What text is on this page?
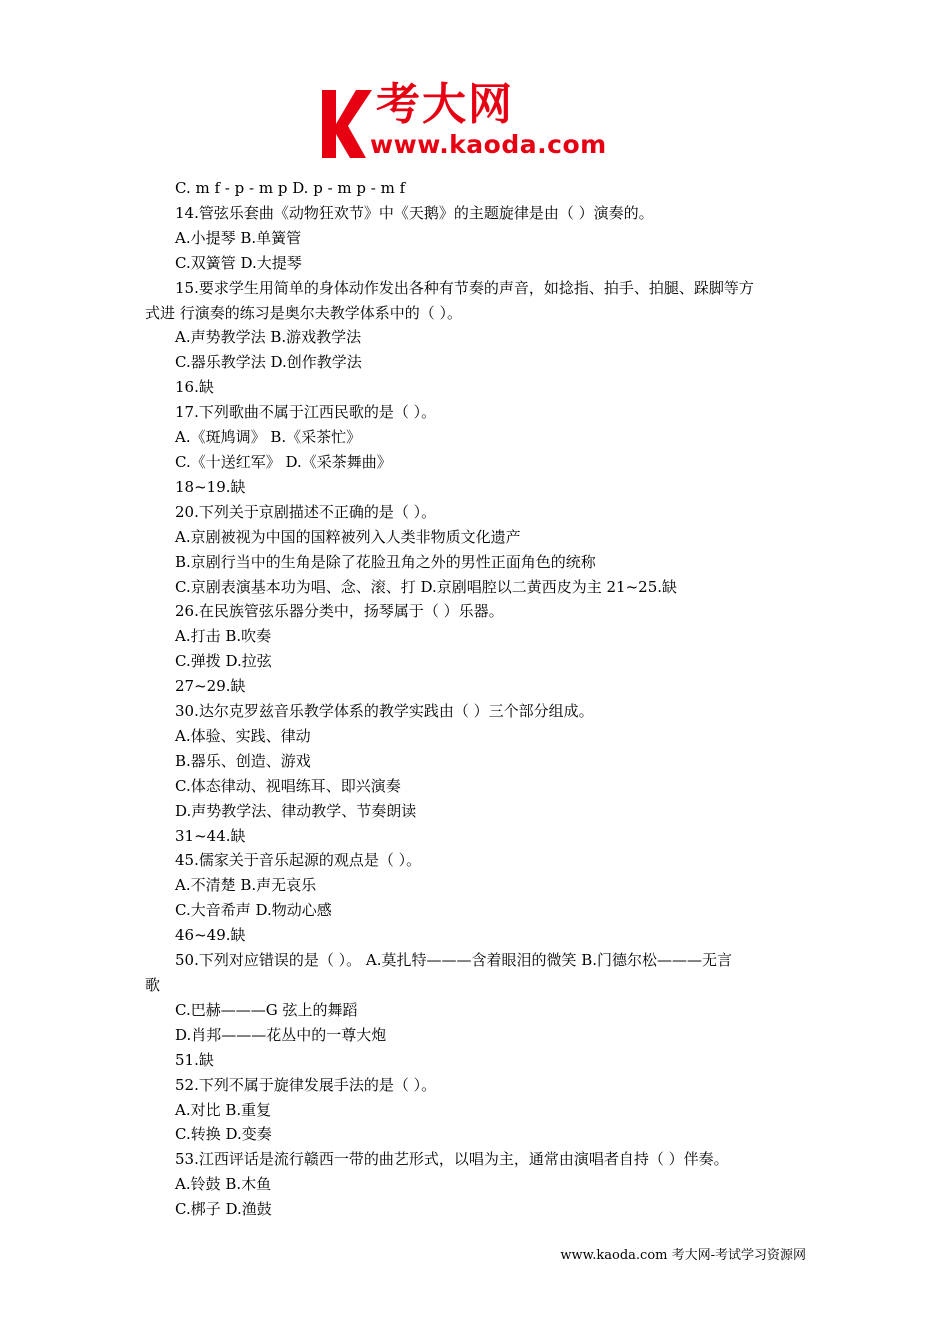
考大网
www.kaoda.com
C. m f - p - m p D. p - m p - m f
14.管弦乐套曲《动物狂欢节》中《天鹅》的主题旋律是由（ ）演奏的。
A.小提琴 B.单簧管
C.双簧管 D.大提琴
15.要求学生用简单的身体动作发出各种有节奏的声音，如捻指、拍手、拍腿、跺脚等方
式进 行演奏的练习是奥尔夫教学体系中的（ ）。
A.声势教学法 B.游戏教学法
C.器乐教学法 D.创作教学法
16.缺
17.下列歌曲不属于江西民歌的是（ ）。
A.《斑鸠调》 B.《采茶忙》
C.《十送红军》 D.《采茶舞曲》
18~19.缺
20.下列关于京剧描述不正确的是（ ）。
A.京剧被视为中国的国粹被列入人类非物质文化遗产
B.京剧行当中的生角是除了花脸丑角之外的男性正面角色的统称
C.京剧表演基本功为唱、念、滚、打 D.京剧唱腔以二黄西皮为主 21~25.缺
26.在民族管弦乐器分类中，扬琴属于（ ）乐器。
A.打击 B.吹奏
C.弹拨 D.拉弦
27~29.缺
30.达尔克罗兹音乐教学体系的教学实践由（ ）三个部分组成。
A.体验、实践、律动
B.器乐、创造、游戏
C.体态律动、视唱练耳、即兴演奏
D.声势教学法、律动教学、节奏朗读
31~44.缺
45.儒家关于音乐起源的观点是（ ）。
A.不清楚 B.声无哀乐
C.大音希声 D.物动心感
46~49.缺
50.下列对应错误的是（ ）。 A.莫扎特———含着眼泪的微笑 B.门德尔松———无言
歌
C.巴赫———G 弦上的舞蹈
D.肖邦———花丛中的一尊大炮
51.缺
52.下列不属于旋律发展手法的是（ ）。
A.对比 B.重复
C.转换 D.变奏
53.江西评话是流行赣西一带的曲艺形式，以唱为主，通常由演唱者自持（ ）伴奏。
A.铃鼓 B.木鱼
C.梆子 D.渔鼓
www.kaoda.com 考大网-考试学习资源网
